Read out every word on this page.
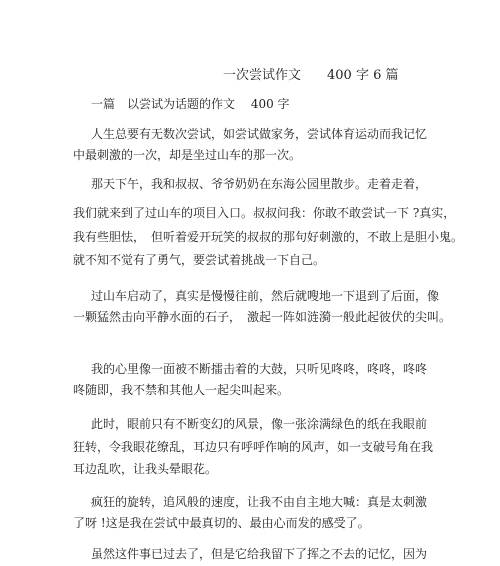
一次尝试作文　　400 字 6 篇
一篇　以尝试为话题的作文　 400 字
人生总要有无数次尝试，如尝试做家务，尝试体育运动而我记忆
中最刺激的一次，却是坐过山车的那一次。
那天下午，我和叔叔、爷爷奶奶在东海公园里散步。走着走着，
我们就来到了过山车的项目入口。叔叔问我：你敢不敢尝试一下 ?真实，
我有些胆怯，　但听着爱开玩笑的叔叔的那句好刺激的，不敢上是胆小鬼。
就不知不觉有了勇气，要尝试着挑战一下自己。
过山车启动了，真实是慢慢往前，然后就嗖地一下退到了后面，像
一颗猛然击向平静水面的石子，　激起一阵如涟漪一般此起彼伏的尖叫。
我的心里像一面被不断擂击着的大鼓，只听见咚咚，咚咚，咚咚
咚随即，我不禁和其他人一起尖叫起来。
此时，眼前只有不断变幻的风景，像一张涂满绿色的纸在我眼前
狂转，令我眼花缭乱，耳边只有呼呼作响的风声，如一支破号角在我
耳边乱吹，让我头晕眼花。
疯狂的旋转，追风般的速度，让我不由自主地大喊：真是太刺激
了呀 !这是我在尝试中最真切的、最由心而发的感受了。
虽然这件事已过去了，但是它给我留下了挥之不去的记忆，因为
